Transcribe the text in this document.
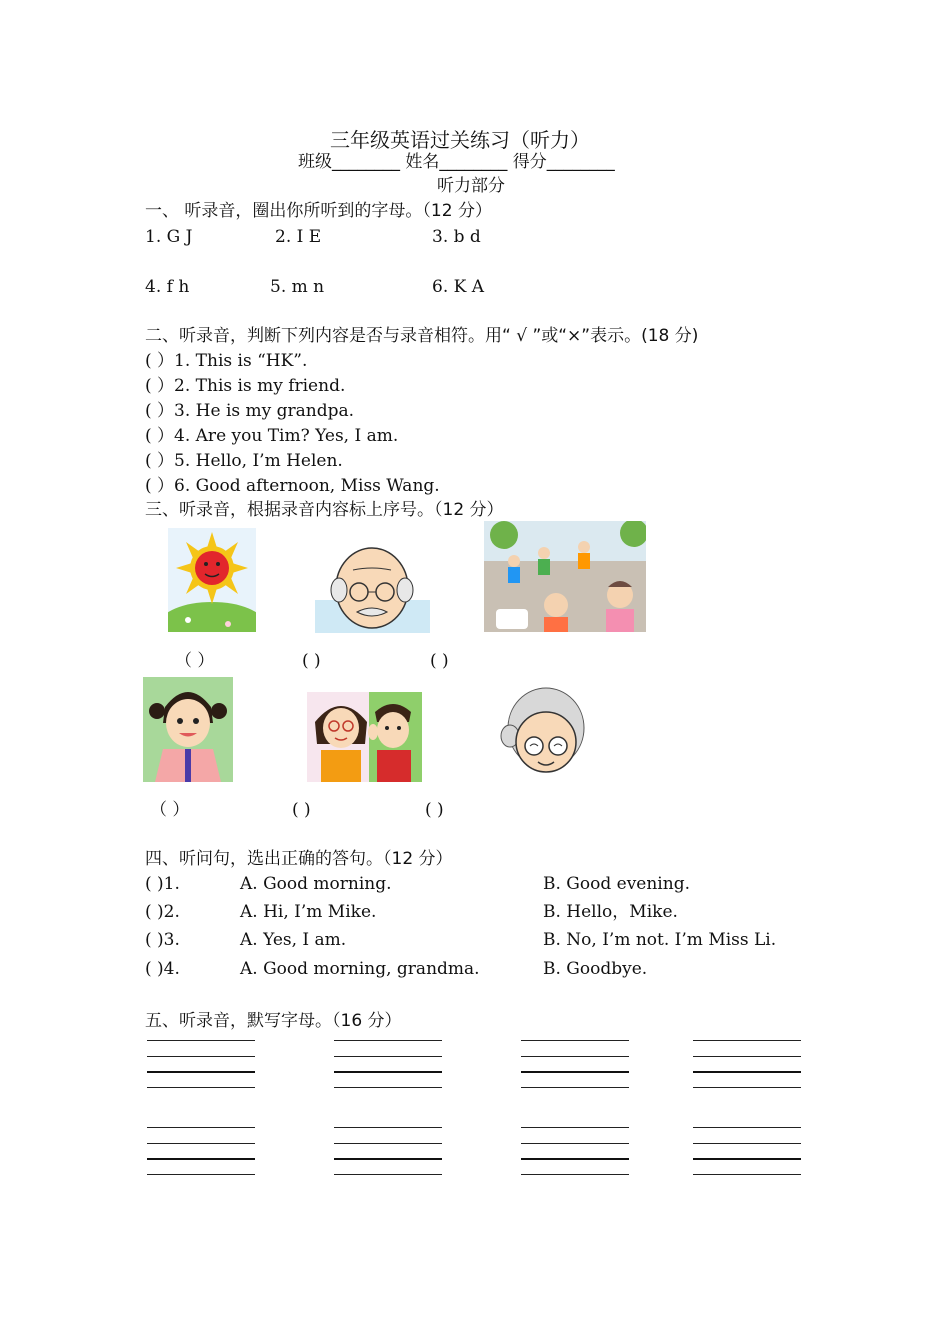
三年级英语过关练习（听力）
班级________ 姓名________ 得分________
听力部分
一、 听录音，圈出你所听到的字母。（12 分）
1. G J	2. I E	3. b d
4. f h	5. m n	6. K A
二、听录音，判断下列内容是否与录音相符。用“ √ ”或“×”表示。(18 分)
( ）1. This is “HK”.
( ）2. This is my friend.
( ）3. He is my grandpa.
( ）4. Are you Tim? Yes, I am.
( ）5. Hello, I’m Helen.
( ）6. Good afternoon, Miss Wang.
三、听录音，根据录音内容标上序号。（12 分）
（ ）	( )	( )
（ ）	( )	( )
四、听问句，选出正确的答句。（12 分）
( )1.	A. Good morning.	B. Good evening.
( )2.	A. Hi, I’m Mike.	B. Hello，Mike.
( )3.	A. Yes, I am.	B. No, I’m not. I’m Miss Li.
( )4.	A. Good morning, grandma.	B. Goodbye.
五、听录音，默写字母。（16 分）
